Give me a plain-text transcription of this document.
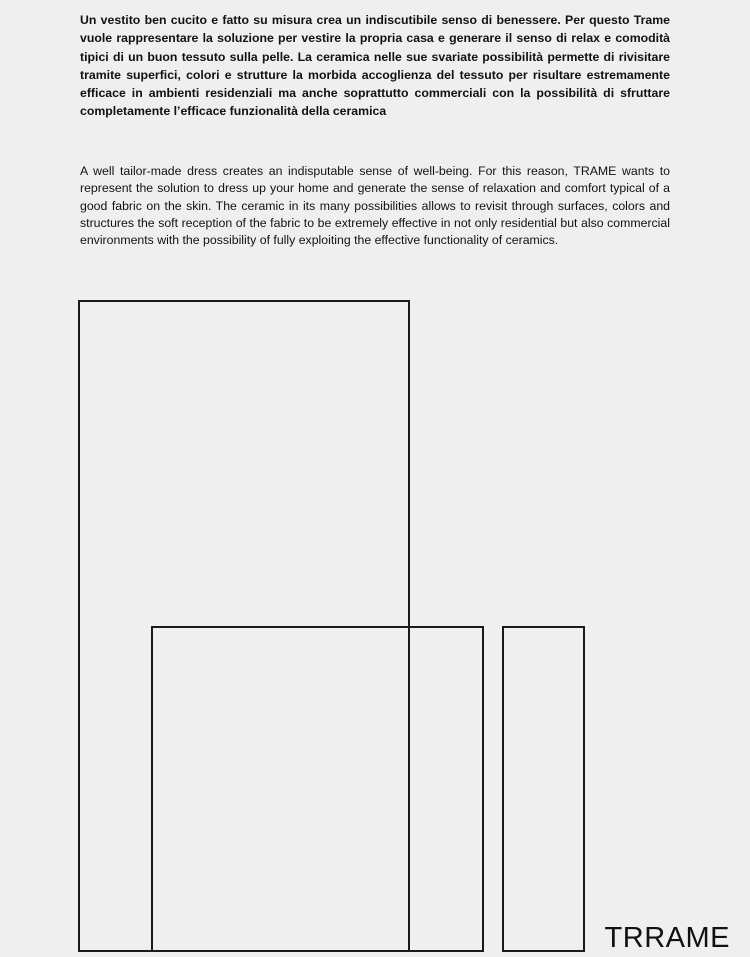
Un vestito ben cucito e fatto su misura crea un indiscutibile senso di benessere. Per questo Trame vuole rappresentare la soluzione per vestire la propria casa e generare il senso di relax e comodità tipici di un buon tessuto sulla pelle. La ceramica nelle sue svariate possibilità permette di rivisitare tramite superfici, colori e strutture la morbida accoglienza del tessuto per risultare estremamente efficace in ambienti residenziali ma anche soprattutto commerciali con la possibilità di sfruttare completamente l’efficace funzionalità della ceramica

A well tailor-made dress creates an indisputable sense of well-being. For this reason, TRAME wants to represent the solution to dress up your home and generate the sense of relaxation and comfort typical of a good fabric on the skin. The ceramic in its many possibilities allows to revisit through surfaces, colors and structures the soft reception of the fabric to be extremely effective in not only residential but also commercial environments with the possibility of fully exploiting the effective functionality of ceramics.

TRRAME
